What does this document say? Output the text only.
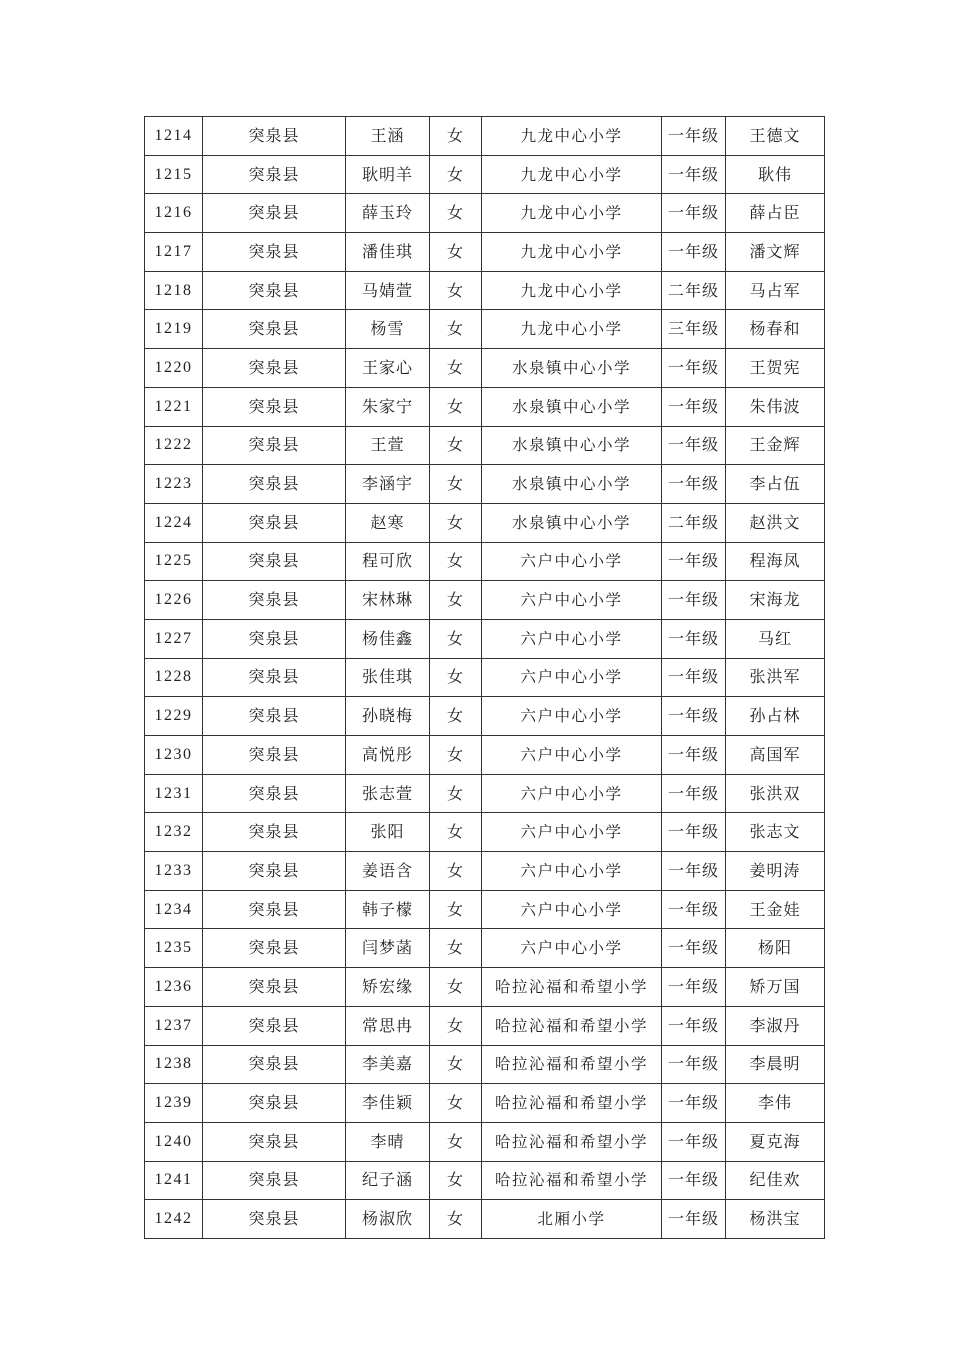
1214	突泉县	王涵	女	九龙中心小学	一年级	王德文
1215	突泉县	耿明羊	女	九龙中心小学	一年级	耿伟
1216	突泉县	薛玉玲	女	九龙中心小学	一年级	薛占臣
1217	突泉县	潘佳琪	女	九龙中心小学	一年级	潘文辉
1218	突泉县	马婧萱	女	九龙中心小学	二年级	马占军
1219	突泉县	杨雪	女	九龙中心小学	三年级	杨春和
1220	突泉县	王家心	女	水泉镇中心小学	一年级	王贺宪
1221	突泉县	朱家宁	女	水泉镇中心小学	一年级	朱伟波
1222	突泉县	王萱	女	水泉镇中心小学	一年级	王金辉
1223	突泉县	李涵宇	女	水泉镇中心小学	一年级	李占伍
1224	突泉县	赵寒	女	水泉镇中心小学	二年级	赵洪文
1225	突泉县	程可欣	女	六户中心小学	一年级	程海凤
1226	突泉县	宋林琳	女	六户中心小学	一年级	宋海龙
1227	突泉县	杨佳鑫	女	六户中心小学	一年级	马红
1228	突泉县	张佳琪	女	六户中心小学	一年级	张洪军
1229	突泉县	孙晓梅	女	六户中心小学	一年级	孙占林
1230	突泉县	高悦彤	女	六户中心小学	一年级	高国军
1231	突泉县	张志萱	女	六户中心小学	一年级	张洪双
1232	突泉县	张阳	女	六户中心小学	一年级	张志文
1233	突泉县	姜语含	女	六户中心小学	一年级	姜明涛
1234	突泉县	韩子檬	女	六户中心小学	一年级	王金娃
1235	突泉县	闫梦菡	女	六户中心小学	一年级	杨阳
1236	突泉县	矫宏缘	女	哈拉沁福和希望小学	一年级	矫万国
1237	突泉县	常思冉	女	哈拉沁福和希望小学	一年级	李淑丹
1238	突泉县	李美嘉	女	哈拉沁福和希望小学	一年级	李晨明
1239	突泉县	李佳颖	女	哈拉沁福和希望小学	一年级	李伟
1240	突泉县	李晴	女	哈拉沁福和希望小学	一年级	夏克海
1241	突泉县	纪子涵	女	哈拉沁福和希望小学	一年级	纪佳欢
1242	突泉县	杨淑欣	女	北厢小学	一年级	杨洪宝
